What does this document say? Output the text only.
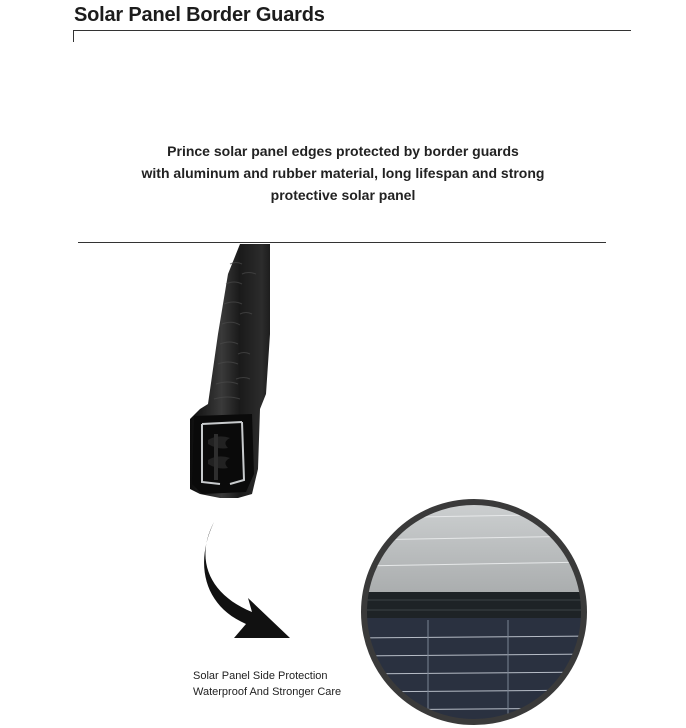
Solar Panel Border Guards
Prince solar panel edges protected by border guards
with aluminum and rubber material, long lifespan and strong
protective solar panel
Solar Panel Side Protection
Waterproof And Stronger Care
